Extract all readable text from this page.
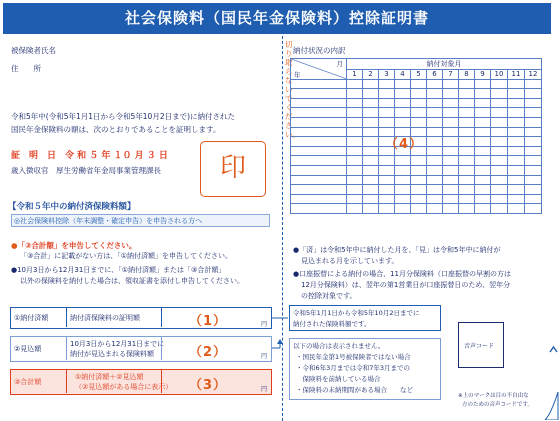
社会保険料（国民年金保険料）控除証明書
被保険者氏名
住　　所
令和5年中(令和5年1月1日から令和5年10月2日まで)に納付された
国民年金保険料の額は、次のとおりであることを証明します。
証　明　日　令 和 ５ 年 １０ 月 ３ 日
歳入徴収官　厚生労働省年金局事業管理課長	印
【令和５年中の納付済保険料額】
◎社会保険料控除（年末調整・確定申告）を申告される方へ
●「③合計額」を申告してください。
「③合計」に記載がない方は、「①納付済額」を申告してください。
●10月3日から12月31日までに、「①納付済額」または「③合計額」
以外の保険料を納付した場合は、領収証書を添付し申告してください。
①納付済額	納付済保険料の証明額	（1）	円
②見込額
10月3日から12月31日までに
納付が見込まれる保険料額	（2）	円
③合計額
①納付済額＋②見込額
（②見込額がある場合に表示） （3）	円
切り取らないでください。
納付状況の内訳
月
年	納付対象月											
	1	2	3	4	5	6	7	8	9	10	11	12

（4）
●「済」は令和5年中に納付した月を、「見」は令和5年中に納付が
見込まれる月を示しています。
●口座振替による納付の場合、11月分保険料（口座振替の早割の方は
12月分保険料）は、翌年の第1営業日が口座振替日のため、翌年分
の控除対象です。
令和5年1月1日から令和5年10月2日までに
納付された保険料額です。
以下の場合は表示されません。
・国民年金第1号被保険者ではない場合
・令和6年3月までは令和7年3月までの
　保険料を前納している場合
・保険料の未納期間がある場合　　など
音声コード
※上のマークは目の不自由な
方のための音声コードです。
